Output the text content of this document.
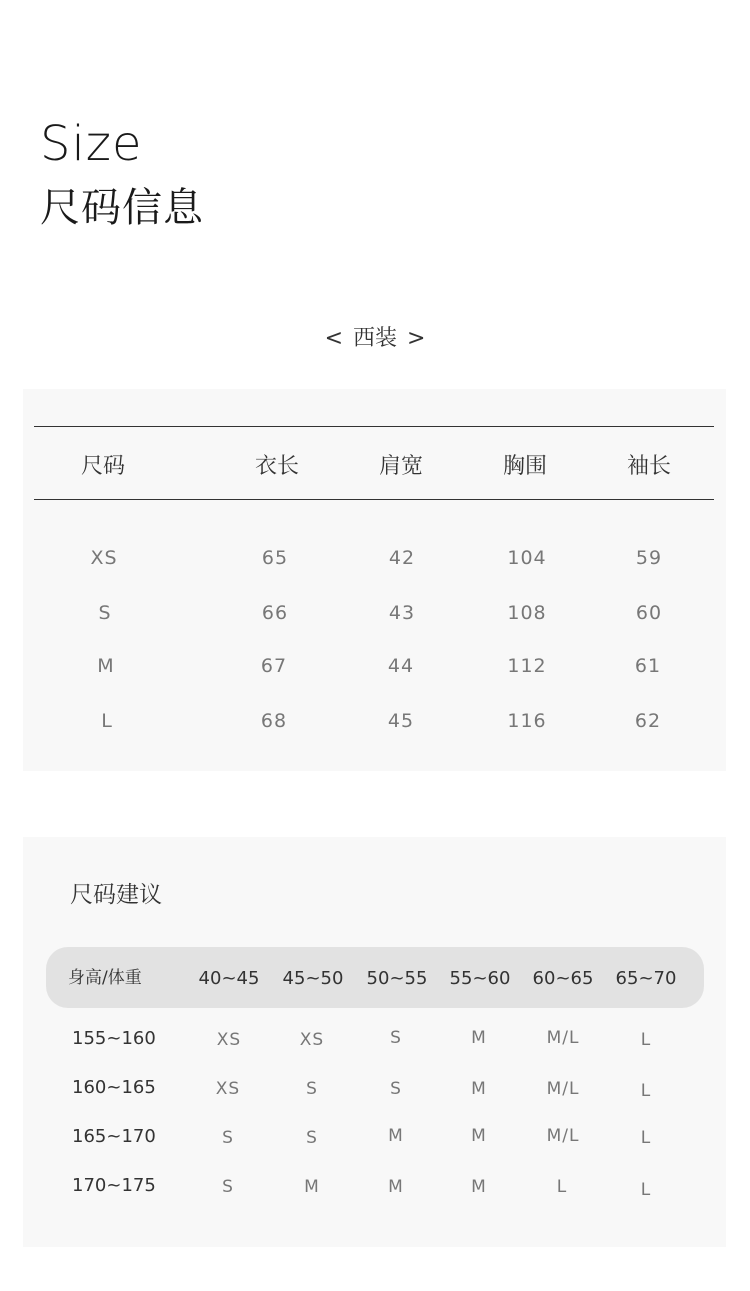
Size
尺码信息
< 西装 >
尺码	衣长	肩宽	胸围	袖长
XS	65	42	104	59
S	66	43	108	60
M	67	44	112	61
L	68	45	116	62
尺码建议
身高/体重	40~45 45~50 50~55 55~60 60~65 65~70
155~160	XS	XS	S	M	M/L	L
160~165	XS	S	S	M	M/L	L
165~170	S	S	M	M	M/L	L
170~175	S	M	M	M	L	L
